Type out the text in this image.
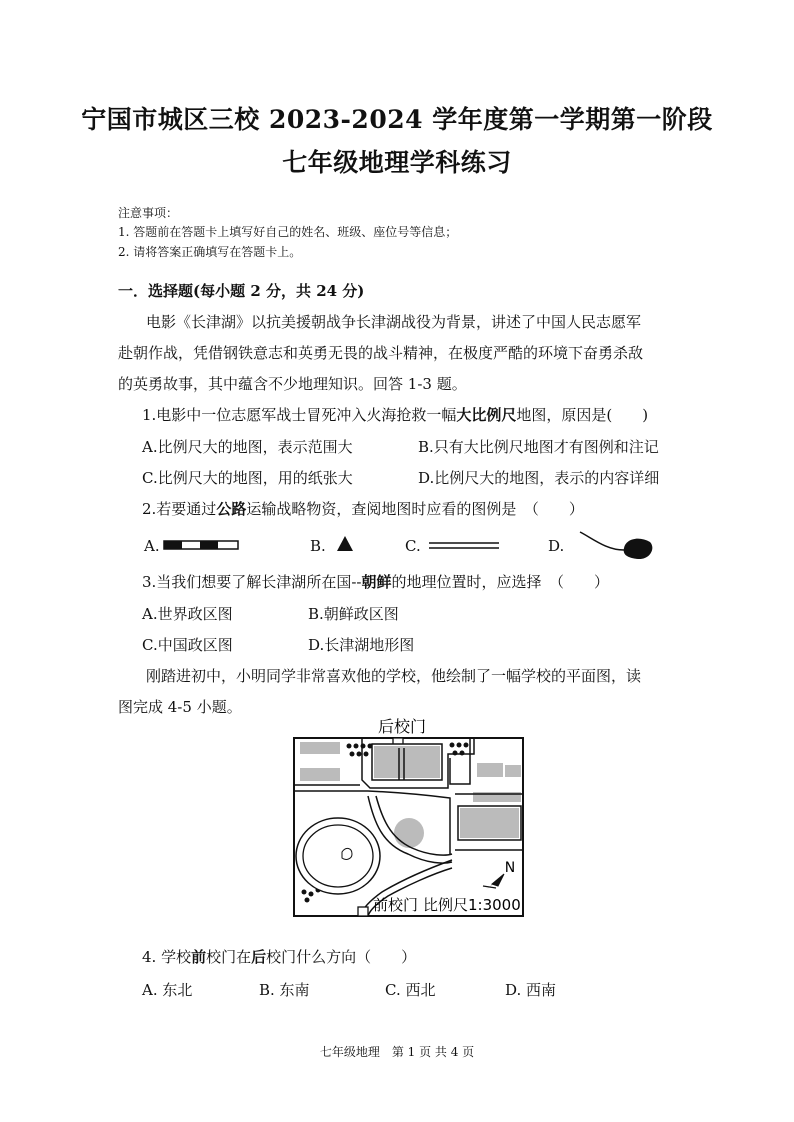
宁国市城区三校 2023-2024 学年度第一学期第一阶段
七年级地理学科练习
注意事项：
1. 答题前在答题卡上填写好自己的姓名、班级、座位号等信息；
2. 请将答案正确填写在答题卡上。
一．选择题(每小题 2 分，共 24 分)
电影《长津湖》以抗美援朝战争长津湖战役为背景，讲述了中国人民志愿军
赴朝作战，凭借钢铁意志和英勇无畏的战斗精神，在极度严酷的环境下奋勇杀敌
的英勇故事，其中蕴含不少地理知识。回答 1-3 题。
1.电影中一位志愿军战士冒死冲入火海抢救一幅大比例尺地图，原因是(　　)
A.比例尺大的地图，表示范围大	B.只有大比例尺地图才有图例和注记
C.比例尺大的地图，用的纸张大	D.比例尺大的地图，表示的内容详细
2.若要通过公路运输战略物资，查阅地图时应看的图例是　（　　）
A.	B.	C.	D.
3.当我们想要了解长津湖所在国--朝鲜的地理位置时，应选择　（　　）
A.世界政区图	B.朝鲜政区图
C.中国政区图	D.长津湖地形图
刚踏进初中，小明同学非常喜欢他的学校，他绘制了一幅学校的平面图，读
图完成 4-5 小题。
后校门
N
前校门 比例尺1:3000
4. 学校前校门在后校门什么方向（　　）
A. 东北	B. 东南	C. 西北	D. 西南
七年级地理　第 1 页 共 4 页
